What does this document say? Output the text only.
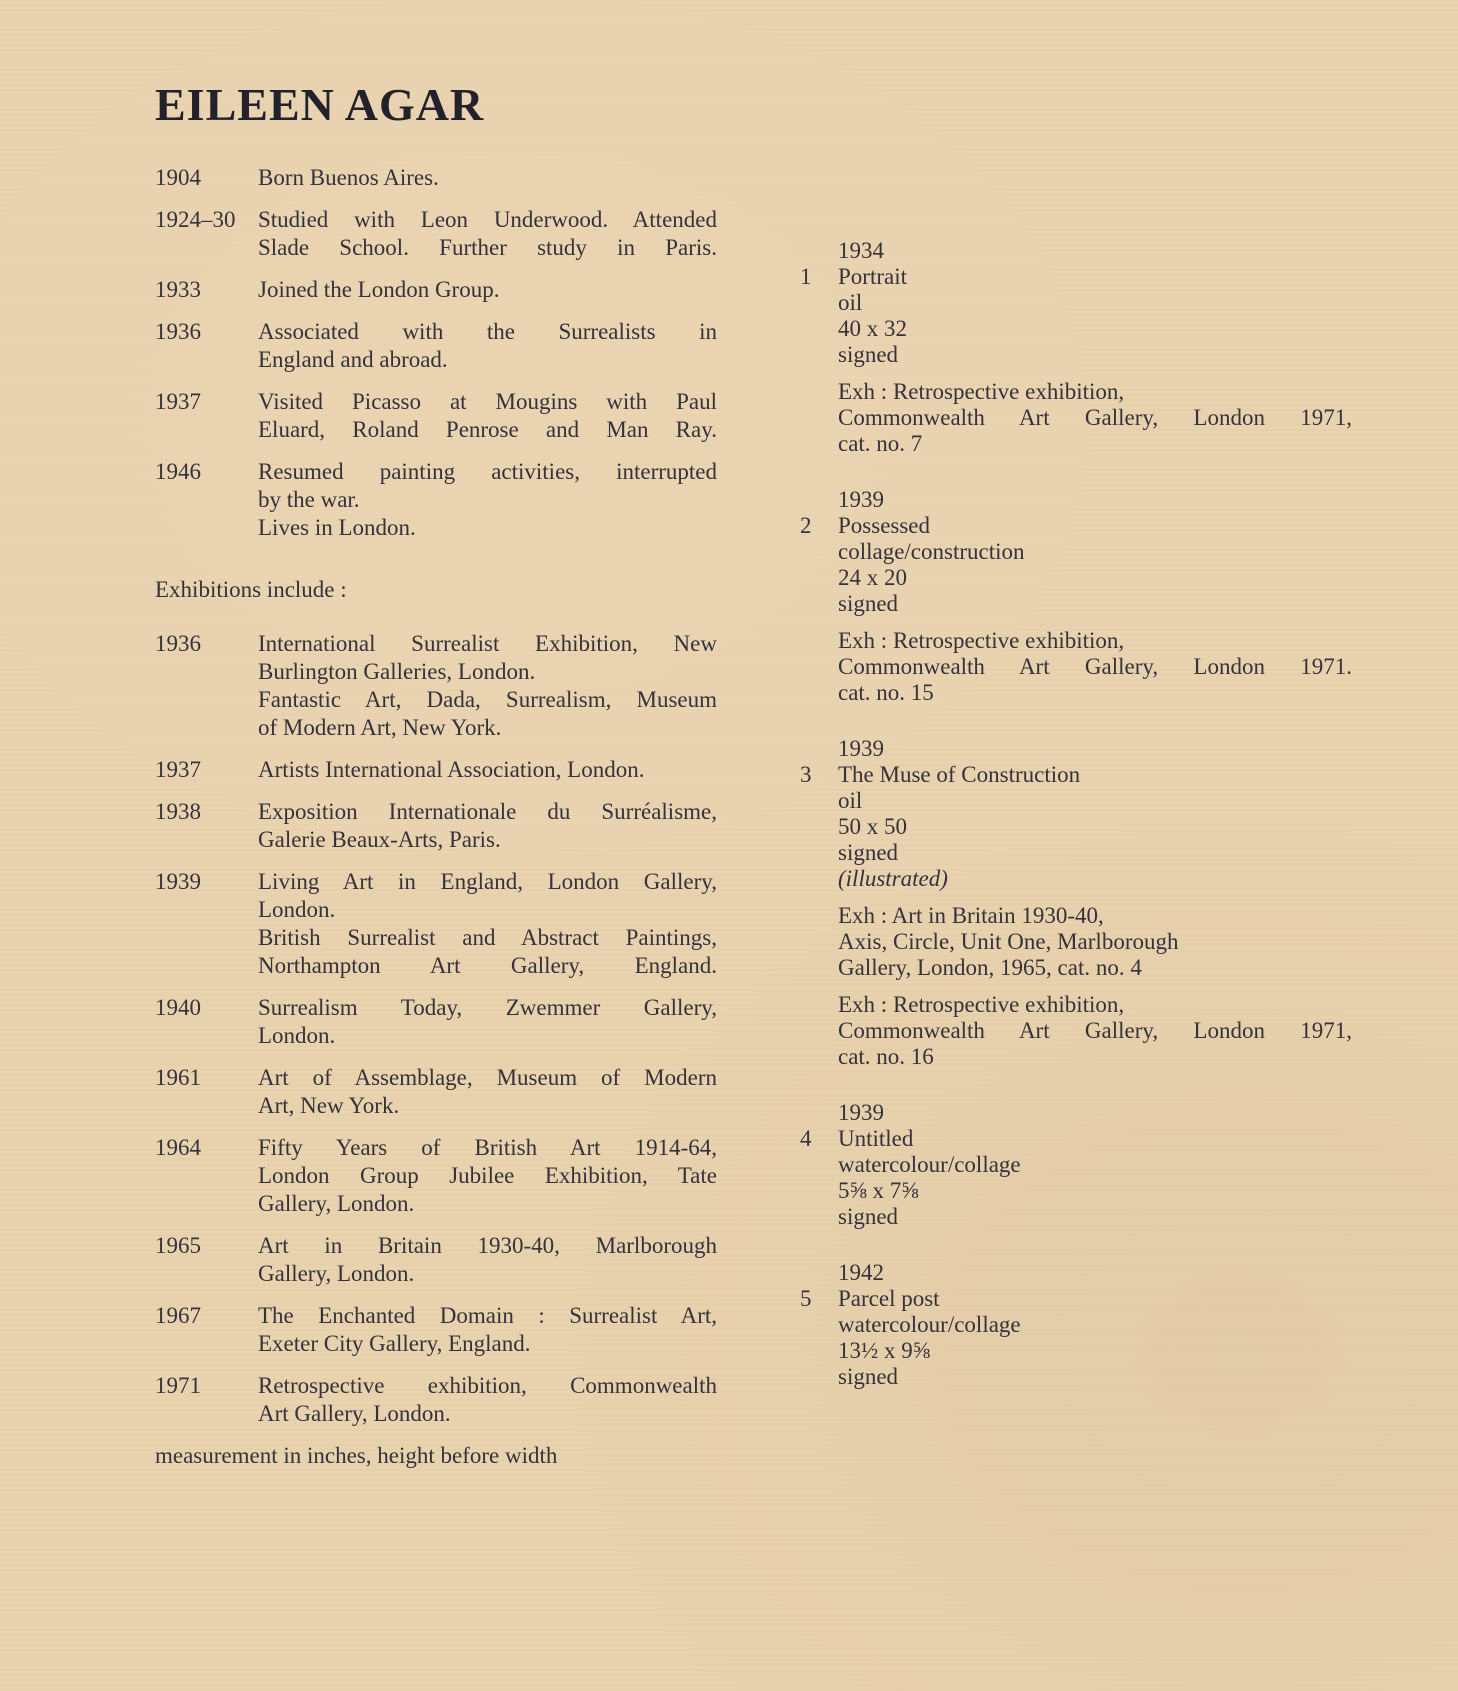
EILEEN AGAR
1904	Born Buenos Aires.
1924–30 Studied with Leon Underwood. Attended
Slade School. Further study in Paris.
1933	Joined the London Group.
1936	Associated with the Surrealists in
England and abroad.
1937	Visited Picasso at Mougins with Paul
Eluard, Roland Penrose and Man Ray.
1946	Resumed painting activities, interrupted
by the war.
Lives in London.
Exhibitions include :
1936	International Surrealist Exhibition, New
Burlington Galleries, London.
Fantastic Art, Dada, Surrealism, Museum
of Modern Art, New York.
1937	Artists International Association, London.
1938	Exposition Internationale du Surréalisme,
Galerie Beaux-Arts, Paris.
1939	Living Art in England, London Gallery,
London.
British Surrealist and Abstract Paintings,
Northampton Art Gallery, England.
1940	Surrealism Today, Zwemmer Gallery,
London.
1961	Art of Assemblage, Museum of Modern
Art, New York.
1964	Fifty Years of British Art 1914-64,
London Group Jubilee Exhibition, Tate
Gallery, London.
1965	Art in Britain 1930-40, Marlborough
Gallery, London.
1967	The Enchanted Domain : Surrealist Art,
Exeter City Gallery, England.
1971	Retrospective exhibition, Commonwealth
Art Gallery, London.
measurement in inches, height before width
1934
1	Portrait
oil
40 x 32
signed
Exh : Retrospective exhibition,
Commonwealth Art Gallery, London 1971,
cat. no. 7
1939
2	Possessed
collage/construction
24 x 20
signed
Exh : Retrospective exhibition,
Commonwealth Art Gallery, London 1971.
cat. no. 15
1939
3	The Muse of Construction
oil
50 x 50
signed
(illustrated)
Exh : Art in Britain 1930-40,
Axis, Circle, Unit One, Marlborough
Gallery, London, 1965, cat. no. 4
Exh : Retrospective exhibition,
Commonwealth Art Gallery, London 1971,
cat. no. 16
1939
4	Untitled
watercolour/collage
5⅝ x 7⅝
signed
1942
5	Parcel post
watercolour/collage
13½ x 9⅝
signed
